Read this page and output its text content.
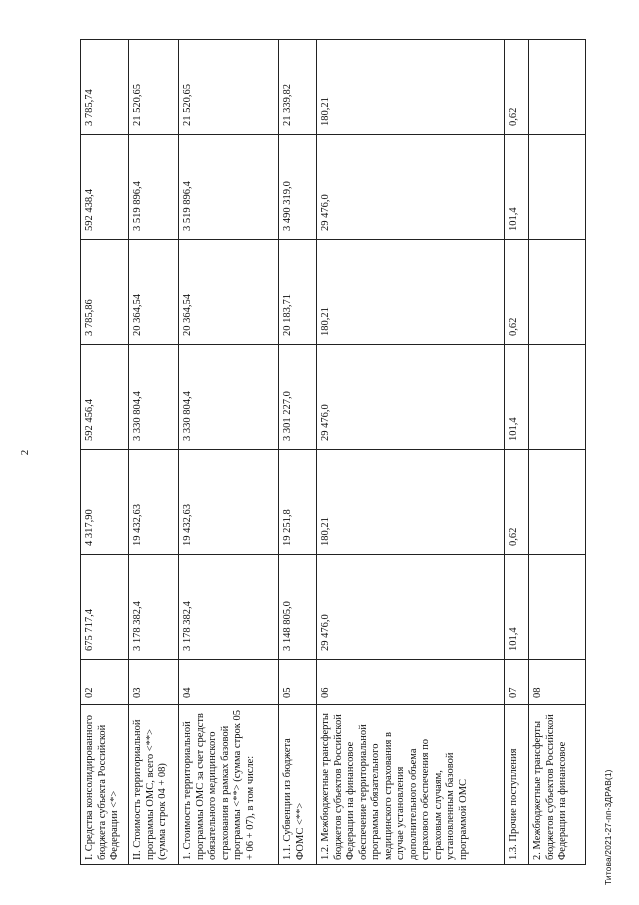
2
I. Средства консолидированного бюджета субъекта Российской Федерации <*>	02	675 717,4	4 317,90	592 456,4	3 785,86	592 438,4	3 785,74
II. Стоимость территориальной программы ОМС, всего <**> (сумма строк 04 + 08)	03	3 178 382,4	19 432,63	3 330 804,4	20 364,54	3 519 896,4	21 520,65
1. Стоимость территориальной программы ОМС за счет средств обязательного медицинского страхования в рамках базовой программы <**> (сумма строк 05 + 06 + 07), в том числе:	04	3 178 382,4	19 432,63	3 330 804,4	20 364,54	3 519 896,4	21 520,65
1.1. Субвенции из бюджета ФОМС <**>	05	3 148 805,0	19 251,8	3 301 227,0	20 183,71	3 490 319,0	21 339,82
1.2. Межбюджетные трансферты бюджетов субъектов Российской Федерации на финансовое обеспечение территориальной программы обязательного медицинского страхования в случае установления дополнительного объема страхового обеспечения по страховым случаям, установленным базовой программой ОМС	06	29 476,0	180,21	29 476,0	180,21	29 476,0	180,21
1.3. Прочие поступления	07	101,4	0,62	101,4	0,62	101,4	0,62
2. Межбюджетные трансферты бюджетов субъектов Российской Федерации на финансовое	08						
Титова/2021-27-пп-3ДРАВ(1)
